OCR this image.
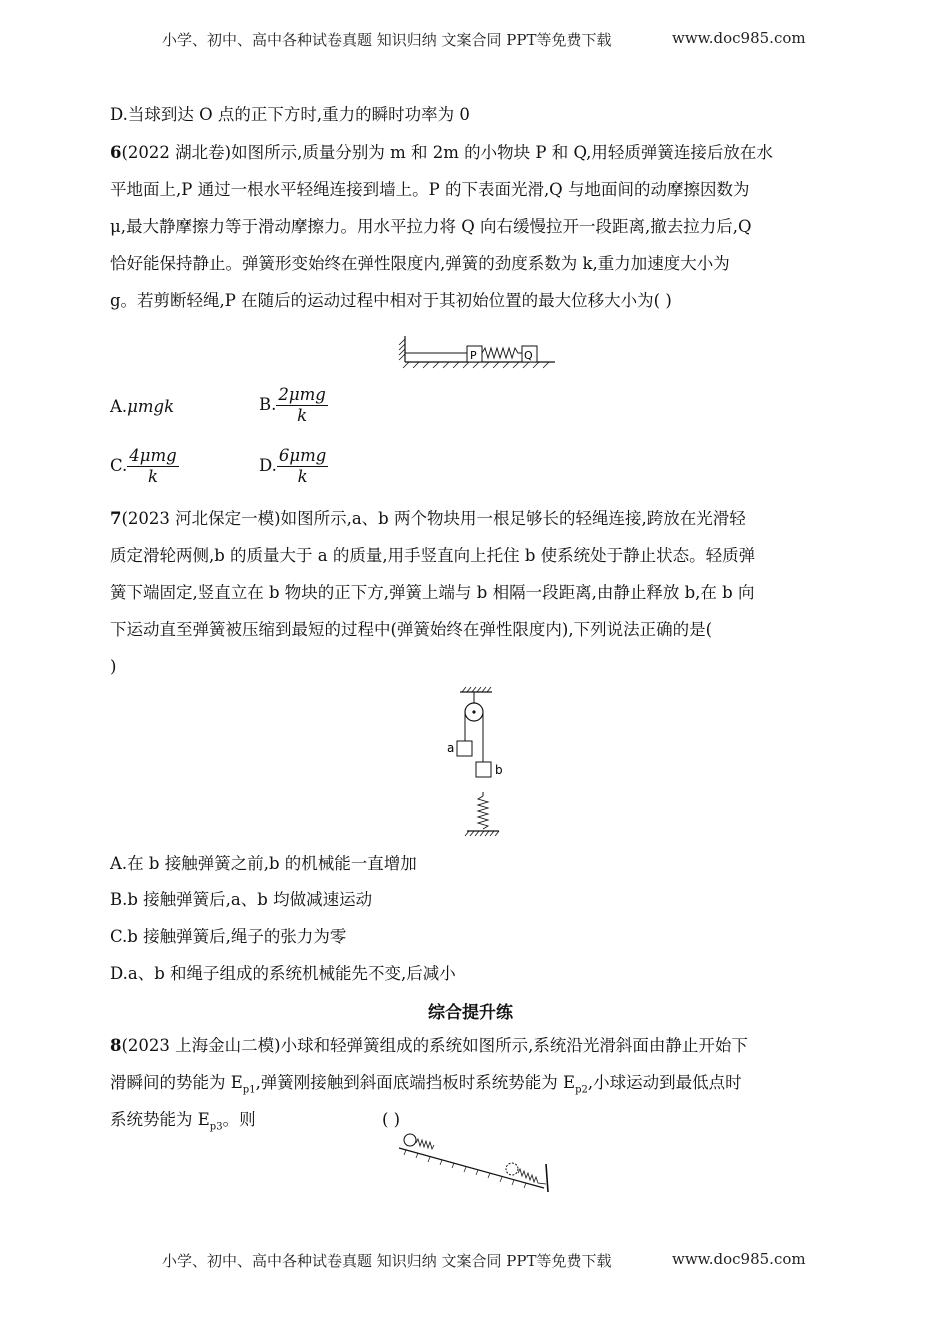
小学、初中、高中各种试卷真题 知识归纳 文案合同 PPT等免费下载	www.doc985.com
D.当球到达 O 点的正下方时,重力的瞬时功率为 0
6(2022 湖北卷)如图所示,质量分别为 m 和 2m 的小物块 P 和 Q,用轻质弹簧连接后放在水
平地面上,P 通过一根水平轻绳连接到墙上。P 的下表面光滑,Q 与地面间的动摩擦因数为
μ,最大静摩擦力等于滑动摩擦力。用水平拉力将 Q 向右缓慢拉开一段距离,撤去拉力后,Q
恰好能保持静止。弹簧形变始终在弹性限度内,弹簧的劲度系数为 k,重力加速度大小为
g。若剪断轻绳,P 在随后的运动过程中相对于其初始位置的最大位移大小为( )
P	Q
A.μmgk	B. $\frac{\text{2μmg}}{k}$
C. $\frac{\text{4μmg}}{k}$	D. $\frac{\text{6μmg}}{k}$
7(2023 河北保定一模)如图所示,a、b 两个物块用一根足够长的轻绳连接,跨放在光滑轻
质定滑轮两侧,b 的质量大于 a 的质量,用手竖直向上托住 b 使系统处于静止状态。轻质弹
簧下端固定,竖直立在 b 物块的正下方,弹簧上端与 b 相隔一段距离,由静止释放 b,在 b 向
下运动直至弹簧被压缩到最短的过程中(弹簧始终在弹性限度内),下列说法正确的是(
)
a
b
A.在 b 接触弹簧之前,b 的机械能一直增加
B.b 接触弹簧后,a、b 均做减速运动
C.b 接触弹簧后,绳子的张力为零
D.a、b 和绳子组成的系统机械能先不变,后减小
综合提升练
8(2023 上海金山二模)小球和轻弹簧组成的系统如图所示,系统沿光滑斜面由静止开始下
滑瞬间的势能为 $E_{p1}$,弹簧刚接触到斜面底端挡板时系统势能为 $E_{p2}$,小球运动到最低点时
系统势能为 $E_{p3}$。则	( )
小学、初中、高中各种试卷真题 知识归纳 文案合同 PPT等免费下载	www.doc985.com
